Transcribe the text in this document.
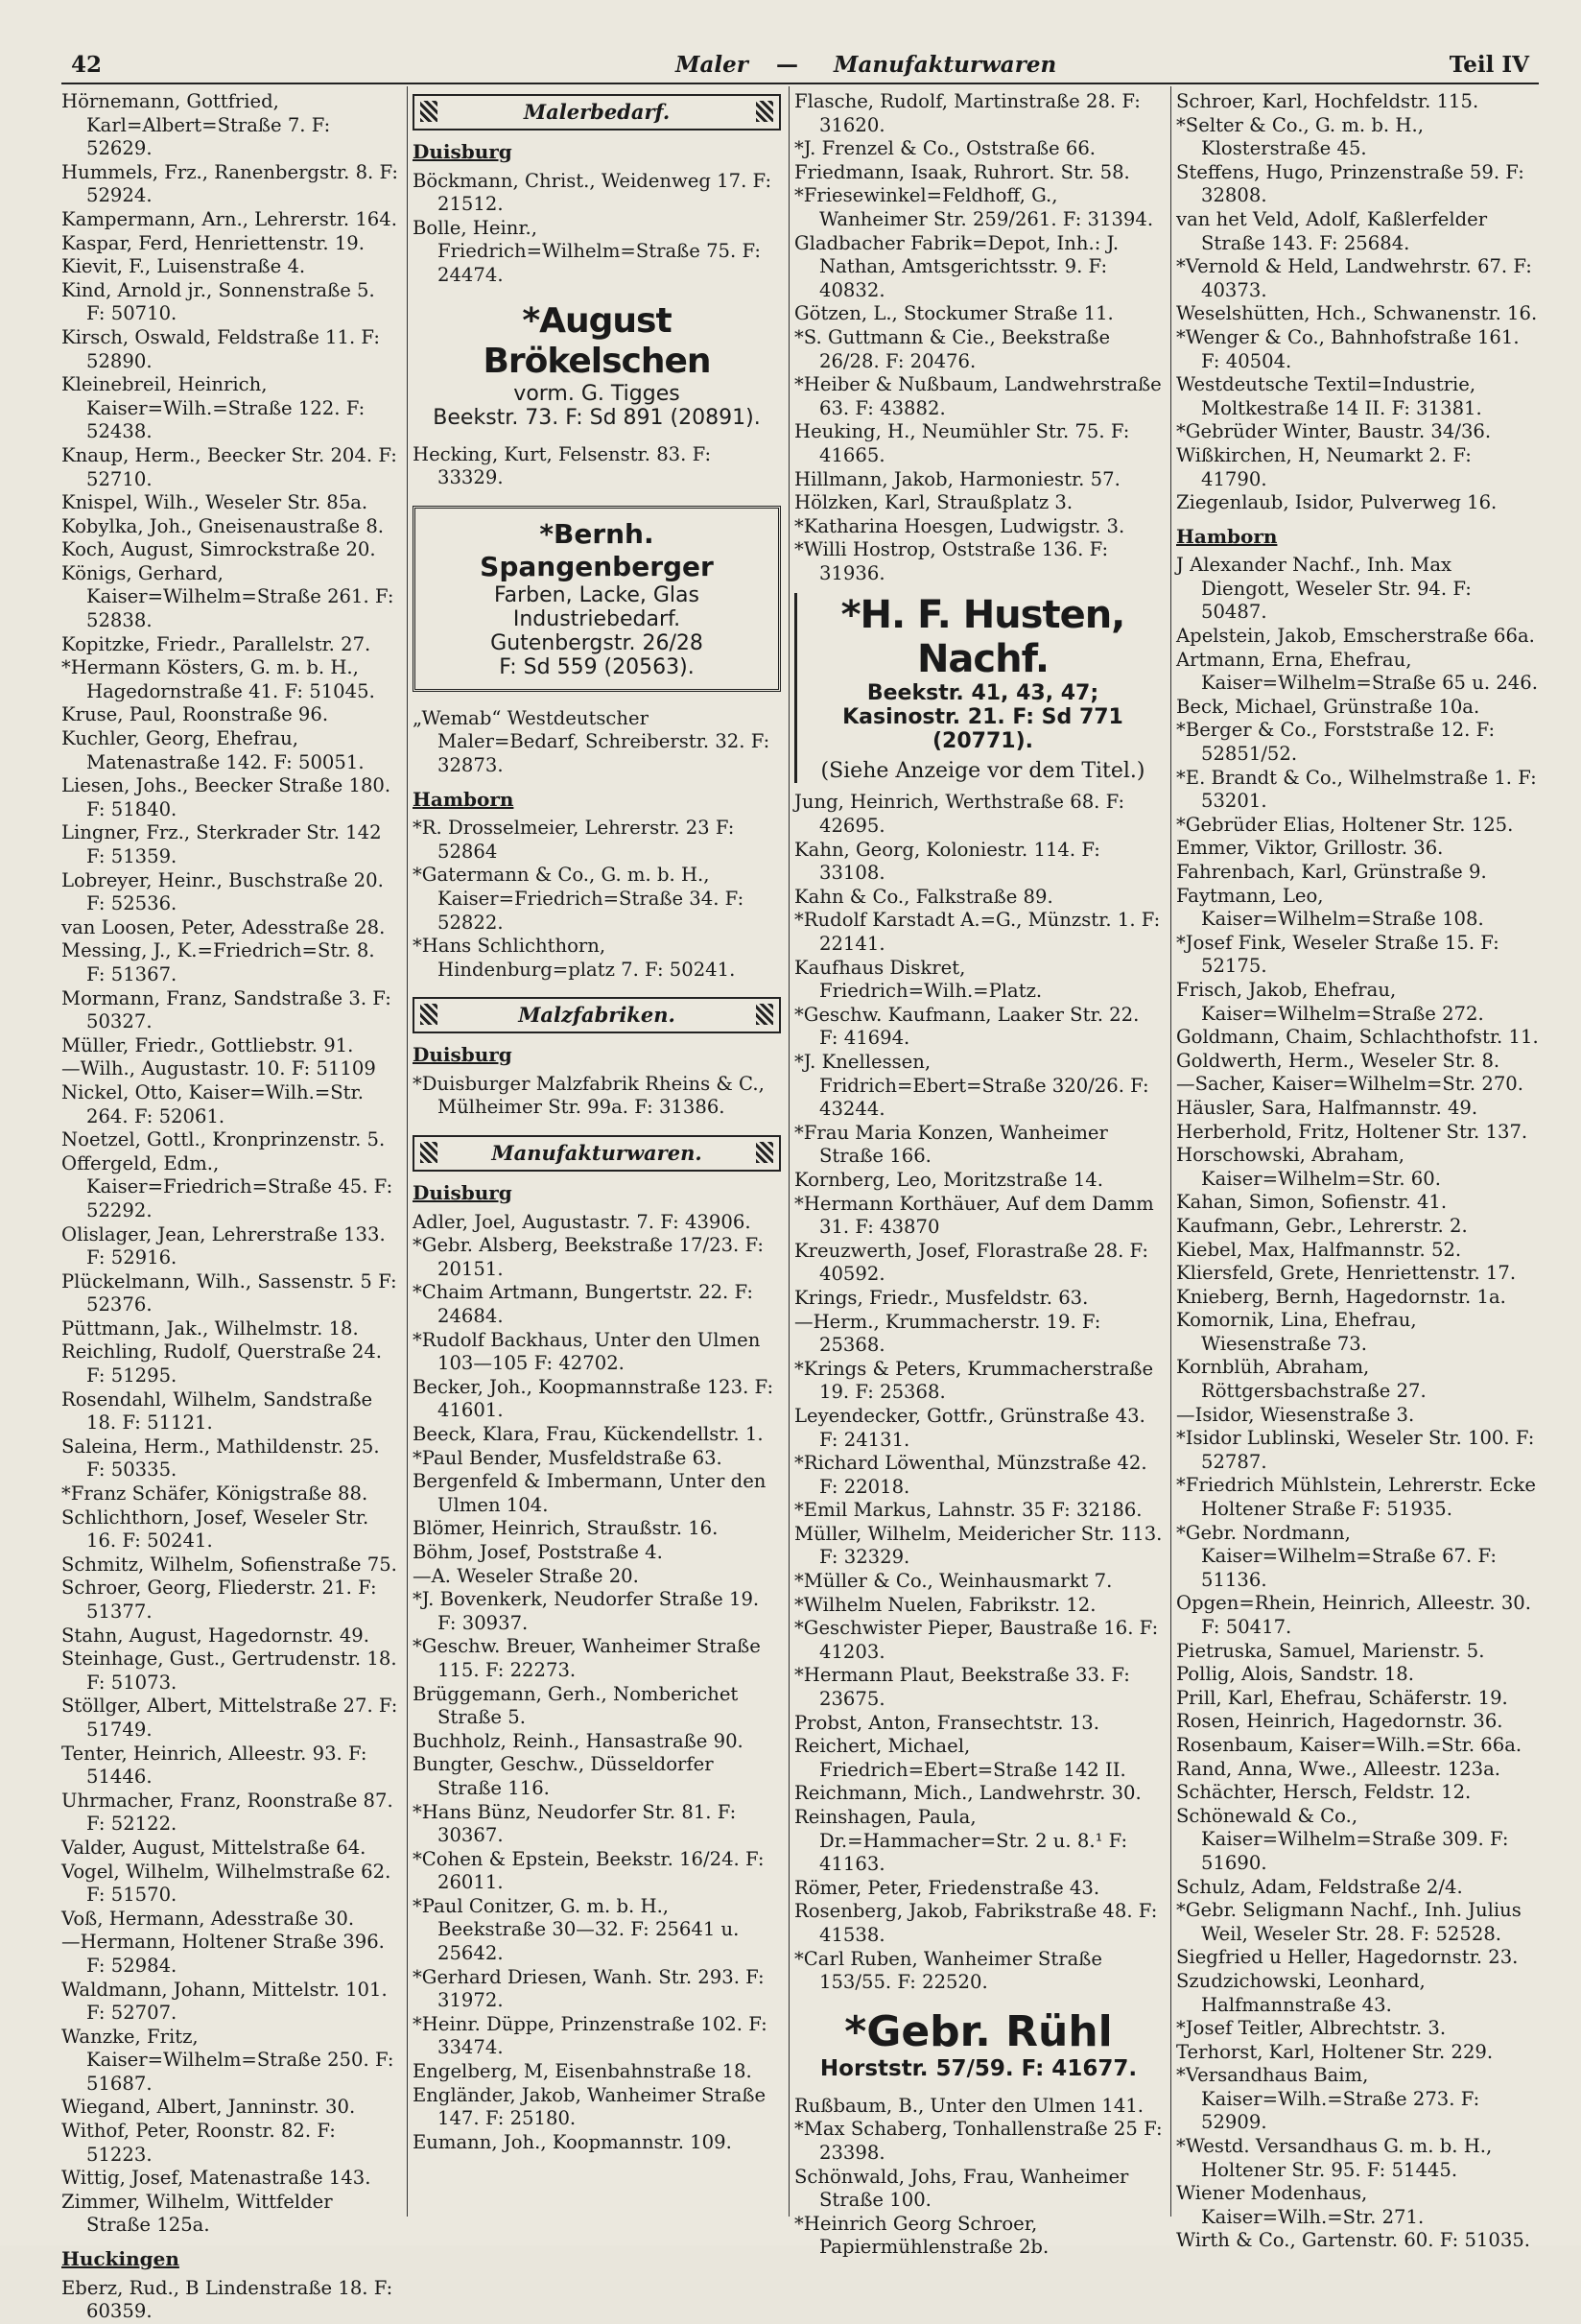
42	Maler — Manufakturwaren	Teil IV

Hörnemann, Gottfried, Karl=Albert=Straße 7. F: 52629.

Hummels, Frz., Ranenbergstr. 8. F: 52924.

Kampermann, Arn., Lehrerstr. 164.

Kaspar, Ferd, Henriettenstr. 19.

Kievit, F., Luisenstraße 4.

Kind, Arnold jr., Sonnenstraße 5. F: 50710.

Kirsch, Oswald, Feldstraße 11. F: 52890.

Kleinebreil, Heinrich, Kaiser=Wilh.=Straße 122. F: 52438.

Knaup, Herm., Beecker Str. 204. F: 52710.

Knispel, Wilh., Weseler Str. 85a.

Kobylka, Joh., Gneisenaustraße 8.

Koch, August, Simrockstraße 20.

Königs, Gerhard, Kaiser=Wilhelm=Straße 261. F: 52838.

Kopitzke, Friedr., Parallelstr. 27.

*Hermann Kösters, G. m. b. H., Hagedornstraße 41. F: 51045.

Kruse, Paul, Roonstraße 96.

Kuchler, Georg, Ehefrau, Matenastraße 142. F: 50051.

Liesen, Johs., Beecker Straße 180. F: 51840.

Lingner, Frz., Sterkrader Str. 142 F: 51359.

Lobreyer, Heinr., Buschstraße 20. F: 52536.

van Loosen, Peter, Adesstraße 28.

Messing, J., K.=Friedrich=Str. 8. F: 51367.

Mormann, Franz, Sandstraße 3. F: 50327.

Müller, Friedr., Gottliebstr. 91.

—Wilh., Augustastr. 10. F: 51109

Nickel, Otto, Kaiser=Wilh.=Str. 264. F: 52061.

Noetzel, Gottl., Kronprinzenstr. 5.

Offergeld, Edm., Kaiser=Friedrich=Straße 45. F: 52292.

Olislager, Jean, Lehrerstraße 133. F: 52916.

Plückelmann, Wilh., Sassenstr. 5 F: 52376.

Püttmann, Jak., Wilhelmstr. 18.

Reichling, Rudolf, Querstraße 24. F: 51295.

Rosendahl, Wilhelm, Sandstraße 18. F: 51121.

Saleina, Herm., Mathildenstr. 25. F: 50335.

*Franz Schäfer, Königstraße 88.

Schlichthorn, Josef, Weseler Str. 16. F: 50241.

Schmitz, Wilhelm, Sofienstraße 75.

Schroer, Georg, Fliederstr. 21. F: 51377.

Stahn, August, Hagedornstr. 49.

Steinhage, Gust., Gertrudenstr. 18. F: 51073.

Stöllger, Albert, Mittelstraße 27. F: 51749.

Tenter, Heinrich, Alleestr. 93. F: 51446.

Uhrmacher, Franz, Roonstraße 87. F: 52122.

Valder, August, Mittelstraße 64.

Vogel, Wilhelm, Wilhelmstraße 62. F: 51570.

Voß, Hermann, Adesstraße 30.

—Hermann, Holtener Straße 396. F: 52984.

Waldmann, Johann, Mittelstr. 101. F: 52707.

Wanzke, Fritz, Kaiser=Wilhelm=Straße 250. F: 51687.

Wiegand, Albert, Janninstr. 30.

Withof, Peter, Roonstr. 82. F: 51223.

Wittig, Josef, Matenastraße 143.

Zimmer, Wilhelm, Wittfelder Straße 125a.

Huckingen

Eberz, Rud., B Lindenstraße 18. F: 60359.

Malerbedarf.
Duisburg

Böckmann, Christ., Weidenweg 17. F: 21512.

Bolle, Heinr., Friedrich=Wilhelm=Straße 75. F: 24474.

*August Brökelschen
vorm. G. Tigges
Beekstr. 73. F: Sd 891 (20891).

Hecking, Kurt, Felsenstr. 83. F: 33329.

*Bernh. Spangenberger
Farben, Lacke, Glas
Industriebedarf.
Gutenbergstr. 26/28
F: Sd 559 (20563).

„Wemab“ Westdeutscher Maler=Bedarf, Schreiberstr. 32. F: 32873.

Hamborn

*R. Drosselmeier, Lehrerstr. 23 F: 52864

*Gatermann & Co., G. m. b. H., Kaiser=Friedrich=Straße 34. F: 52822.

*Hans Schlichthorn, Hindenburg=platz 7. F: 50241.

Malzfabriken.
Duisburg

*Duisburger Malzfabrik Rheins & C., Mülheimer Str. 99a. F: 31386.

Manufakturwaren.
Duisburg

Adler, Joel, Augustastr. 7. F: 43906.

*Gebr. Alsberg, Beekstraße 17/23. F: 20151.

*Chaim Artmann, Bungertstr. 22. F: 24684.

*Rudolf Backhaus, Unter den Ulmen 103—105 F: 42702.

Becker, Joh., Koopmannstraße 123. F: 41601.

Beeck, Klara, Frau, Kückendellstr. 1.

*Paul Bender, Musfeldstraße 63.

Bergenfeld & Imbermann, Unter den Ulmen 104.

Blömer, Heinrich, Straußstr. 16.

Böhm, Josef, Poststraße 4.

—A. Weseler Straße 20.

*J. Bovenkerk, Neudorfer Straße 19. F: 30937.

*Geschw. Breuer, Wanheimer Straße 115. F: 22273.

Brüggemann, Gerh., Nomberichet Straße 5.

Buchholz, Reinh., Hansastraße 90.

Bungter, Geschw., Düsseldorfer Straße 116.

*Hans Bünz, Neudorfer Str. 81. F: 30367.

*Cohen & Epstein, Beekstr. 16/24. F: 26011.

*Paul Conitzer, G. m. b. H., Beekstraße 30—32. F: 25641 u. 25642.

*Gerhard Driesen, Wanh. Str. 293. F: 31972.

*Heinr. Düppe, Prinzenstraße 102. F: 33474.

Engelberg, M, Eisenbahnstraße 18.

Engländer, Jakob, Wanheimer Straße 147. F: 25180.

Eumann, Joh., Koopmannstr. 109.

Flasche, Rudolf, Martinstraße 28. F: 31620.

*J. Frenzel & Co., Oststraße 66.

Friedmann, Isaak, Ruhrort. Str. 58.

*Friesewinkel=Feldhoff, G., Wanheimer Str. 259/261. F: 31394.

Gladbacher Fabrik=Depot, Inh.: J. Nathan, Amtsgerichtsstr. 9. F: 40832.

Götzen, L., Stockumer Straße 11.

*S. Guttmann & Cie., Beekstraße 26/28. F: 20476.

*Heiber & Nußbaum, Landwehrstraße 63. F: 43882.

Heuking, H., Neumühler Str. 75. F: 41665.

Hillmann, Jakob, Harmoniestr. 57.

Hölzken, Karl, Straußplatz 3.

*Katharina Hoesgen, Ludwigstr. 3.

*Willi Hostrop, Oststraße 136. F: 31936.

*H. F. Husten, Nachf.
Beekstr. 41, 43, 47;
Kasinostr. 21. F: Sd 771 (20771).
(Siehe Anzeige vor dem Titel.)

Jung, Heinrich, Werthstraße 68. F: 42695.

Kahn, Georg, Koloniestr. 114. F: 33108.

Kahn & Co., Falkstraße 89.

*Rudolf Karstadt A.=G., Münzstr. 1. F: 22141.

Kaufhaus Diskret, Friedrich=Wilh.=Platz.

*Geschw. Kaufmann, Laaker Str. 22. F: 41694.

*J. Knellessen, Fridrich=Ebert=Straße 320/26. F: 43244.

*Frau Maria Konzen, Wanheimer Straße 166.

Kornberg, Leo, Moritzstraße 14.

*Hermann Korthäuer, Auf dem Damm 31. F: 43870

Kreuzwerth, Josef, Florastraße 28. F: 40592.

Krings, Friedr., Musfeldstr. 63.

—Herm., Krummacherstr. 19. F: 25368.

*Krings & Peters, Krummacherstraße 19. F: 25368.

Leyendecker, Gottfr., Grünstraße 43. F: 24131.

*Richard Löwenthal, Münzstraße 42. F: 22018.

*Emil Markus, Lahnstr. 35 F: 32186.

Müller, Wilhelm, Meidericher Str. 113. F: 32329.

*Müller & Co., Weinhausmarkt 7.

*Wilhelm Nuelen, Fabrikstr. 12.

*Geschwister Pieper, Baustraße 16. F: 41203.

*Hermann Plaut, Beekstraße 33. F: 23675.

Probst, Anton, Fransechtstr. 13.

Reichert, Michael, Friedrich=Ebert=Straße 142 II.

Reichmann, Mich., Landwehrstr. 30.

Reinshagen, Paula, Dr.=Hammacher=Str. 2 u. 8.¹ F: 41163.

Römer, Peter, Friedenstraße 43.

Rosenberg, Jakob, Fabrikstraße 48. F: 41538.

*Carl Ruben, Wanheimer Straße 153/55. F: 22520.

*Gebr. Rühl
Horststr. 57/59. F: 41677.

Rußbaum, B., Unter den Ulmen 141.

*Max Schaberg, Tonhallenstraße 25 F: 23398.

Schönwald, Johs, Frau, Wanheimer Straße 100.

*Heinrich Georg Schroer, Papiermühlenstraße 2b.

Schroer, Karl, Hochfeldstr. 115.

*Selter & Co., G. m. b. H., Klosterstraße 45.

Steffens, Hugo, Prinzenstraße 59. F: 32808.

van het Veld, Adolf, Kaßlerfelder Straße 143. F: 25684.

*Vernold & Held, Landwehrstr. 67. F: 40373.

Weselshütten, Hch., Schwanenstr. 16.

*Wenger & Co., Bahnhofstraße 161. F: 40504.

Westdeutsche Textil=Industrie, Moltkestraße 14 II. F: 31381.

*Gebrüder Winter, Baustr. 34/36.

Wißkirchen, H, Neumarkt 2. F: 41790.

Ziegenlaub, Isidor, Pulverweg 16.

Hamborn

J Alexander Nachf., Inh. Max Diengott, Weseler Str. 94. F: 50487.

Apelstein, Jakob, Emscherstraße 66a.

Artmann, Erna, Ehefrau, Kaiser=Wilhelm=Straße 65 u. 246.

Beck, Michael, Grünstraße 10a.

*Berger & Co., Forststraße 12. F: 52851/52.

*E. Brandt & Co., Wilhelmstraße 1. F: 53201.

*Gebrüder Elias, Holtener Str. 125.

Emmer, Viktor, Grillostr. 36.

Fahrenbach, Karl, Grünstraße 9.

Faytmann, Leo, Kaiser=Wilhelm=Straße 108.

*Josef Fink, Weseler Straße 15. F: 52175.

Frisch, Jakob, Ehefrau, Kaiser=Wilhelm=Straße 272.

Goldmann, Chaim, Schlachthofstr. 11.

Goldwerth, Herm., Weseler Str. 8.

—Sacher, Kaiser=Wilhelm=Str. 270.

Häusler, Sara, Halfmannstr. 49.

Herberhold, Fritz, Holtener Str. 137.

Horschowski, Abraham, Kaiser=Wilhelm=Str. 60.

Kahan, Simon, Sofienstr. 41.

Kaufmann, Gebr., Lehrerstr. 2.

Kiebel, Max, Halfmannstr. 52.

Kliersfeld, Grete, Henriettenstr. 17.

Knieberg, Bernh, Hagedornstr. 1a.

Komornik, Lina, Ehefrau, Wiesenstraße 73.

Kornblüh, Abraham, Röttgersbachstraße 27.

—Isidor, Wiesenstraße 3.

*Isidor Lublinski, Weseler Str. 100. F: 52787.

*Friedrich Mühlstein, Lehrerstr. Ecke Holtener Straße F: 51935.

*Gebr. Nordmann, Kaiser=Wilhelm=Straße 67. F: 51136.

Opgen=Rhein, Heinrich, Alleestr. 30. F: 50417.

Pietruska, Samuel, Marienstr. 5.

Pollig, Alois, Sandstr. 18.

Prill, Karl, Ehefrau, Schäferstr. 19.

Rosen, Heinrich, Hagedornstr. 36.

Rosenbaum, Kaiser=Wilh.=Str. 66a.

Rand, Anna, Wwe., Alleestr. 123a.

Schächter, Hersch, Feldstr. 12.

Schönewald & Co., Kaiser=Wilhelm=Straße 309. F: 51690.

Schulz, Adam, Feldstraße 2/4.

*Gebr. Seligmann Nachf., Inh. Julius Weil, Weseler Str. 28. F: 52528.

Siegfried u Heller, Hagedornstr. 23.

Szudzichowski, Leonhard, Halfmannstraße 43.

*Josef Teitler, Albrechtstr. 3.

Terhorst, Karl, Holtener Str. 229.

*Versandhaus Baim, Kaiser=Wilh.=Straße 273. F: 52909.

*Westd. Versandhaus G. m. b. H., Holtener Str. 95. F: 51445.

Wiener Modenhaus, Kaiser=Wilh.=Str. 271.

Wirth & Co., Gartenstr. 60. F: 51035.
